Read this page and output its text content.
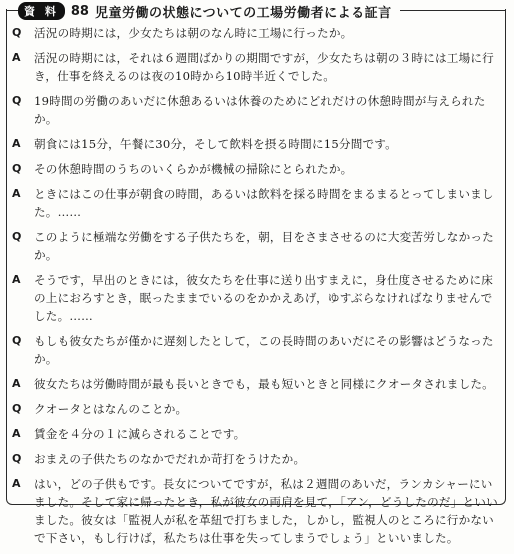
資 料 88 児童労働の状態についての工場労働者による証言
Q	活況の時期には，少女たちは朝のなん時に工場に行ったか。
A	活況の時期には，それは６週間ばかりの期間ですが，少女たちは朝の３時には工場に行き，仕事を終えるのは夜の10時から10時半近くでした。
Q	19時間の労働のあいだに休憩あるいは休養のためにどれだけの休憩時間が与えられたか。
A	朝食には15分，午餐に30分，そして飲料を摂る時間に15分間です。
Q	その休憩時間のうちのいくらかが機械の掃除にとられたか。
A	ときにはこの仕事が朝食の時間，あるいは飲料を採る時間をまるまるとってしまいました。……
Q	このように極端な労働をする子供たちを，朝，目をさまさせるのに大変苦労しなかったか。
A	そうです，早出のときには，彼女たちを仕事に送り出すまえに，身仕度させるために床の上におろすとき，眠ったままでいるのをかかえあげ，ゆすぶらなければなりませんでした。……
Q	もしも彼女たちが僅かに遅刻したとして，この長時間のあいだにその影響はどうなったか。
A	彼女たちは労働時間が最も長いときでも，最も短いときと同様にクオータされました。
Q	クオータとはなんのことか。
A	賃金を４分の１に減らされることです。
Q	おまえの子供たちのなかでだれか苛打をうけたか。
A	はい，どの子供もです。長女についてですが，私は２週間のあいだ，ランカシャーにいました。そして家に帰ったとき，私が彼女の両肩を見て，「アン，どうしたのだ」といいました。彼女は「監視人が私を革紐で打ちました，しかし，監視人のところに行かないで下さい，もし行けば，私たちは仕事を失ってしまうでしょう」といいました。
